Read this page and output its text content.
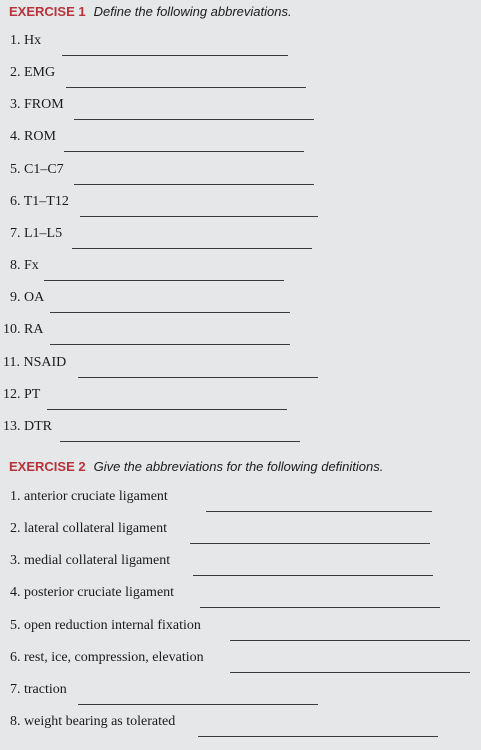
EXERCISE 1 Define the following abbreviations.
1. Hx
2. EMG
3. FROM
4. ROM
5. C1–C7
6. T1–T12
7. L1–L5
8. Fx
9. OA
10. RA
11. NSAID
12. PT
13. DTR
EXERCISE 2 Give the abbreviations for the following definitions.
1. anterior cruciate ligament
2. lateral collateral ligament
3. medial collateral ligament
4. posterior cruciate ligament
5. open reduction internal fixation
6. rest, ice, compression, elevation
7. traction
8. weight bearing as tolerated
